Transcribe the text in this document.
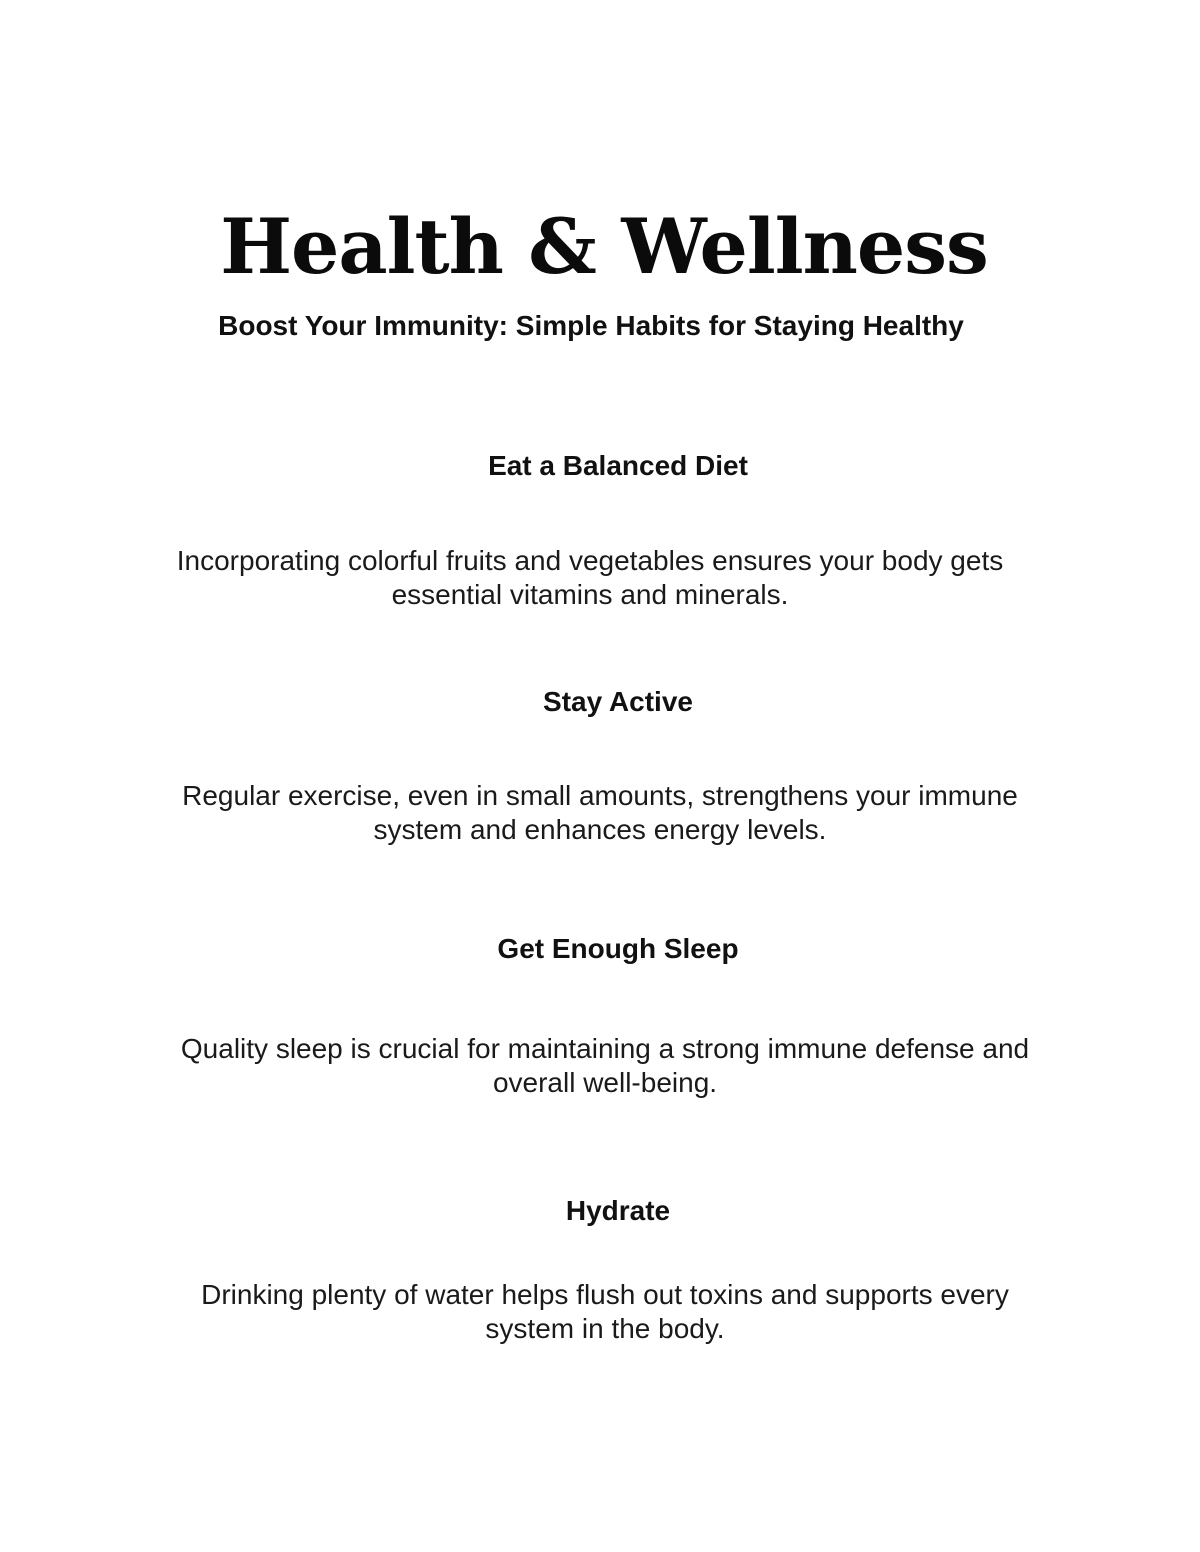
Health & Wellness
Boost Your Immunity: Simple Habits for Staying Healthy
Eat a Balanced Diet

Incorporating colorful fruits and vegetables ensures your body gets essential vitamins and minerals.

Stay Active

Regular exercise, even in small amounts, strengthens your immune system and enhances energy levels.

Get Enough Sleep

Quality sleep is crucial for maintaining a strong immune defense and overall well-being.

Hydrate

Drinking plenty of water helps flush out toxins and supports every system in the body.
